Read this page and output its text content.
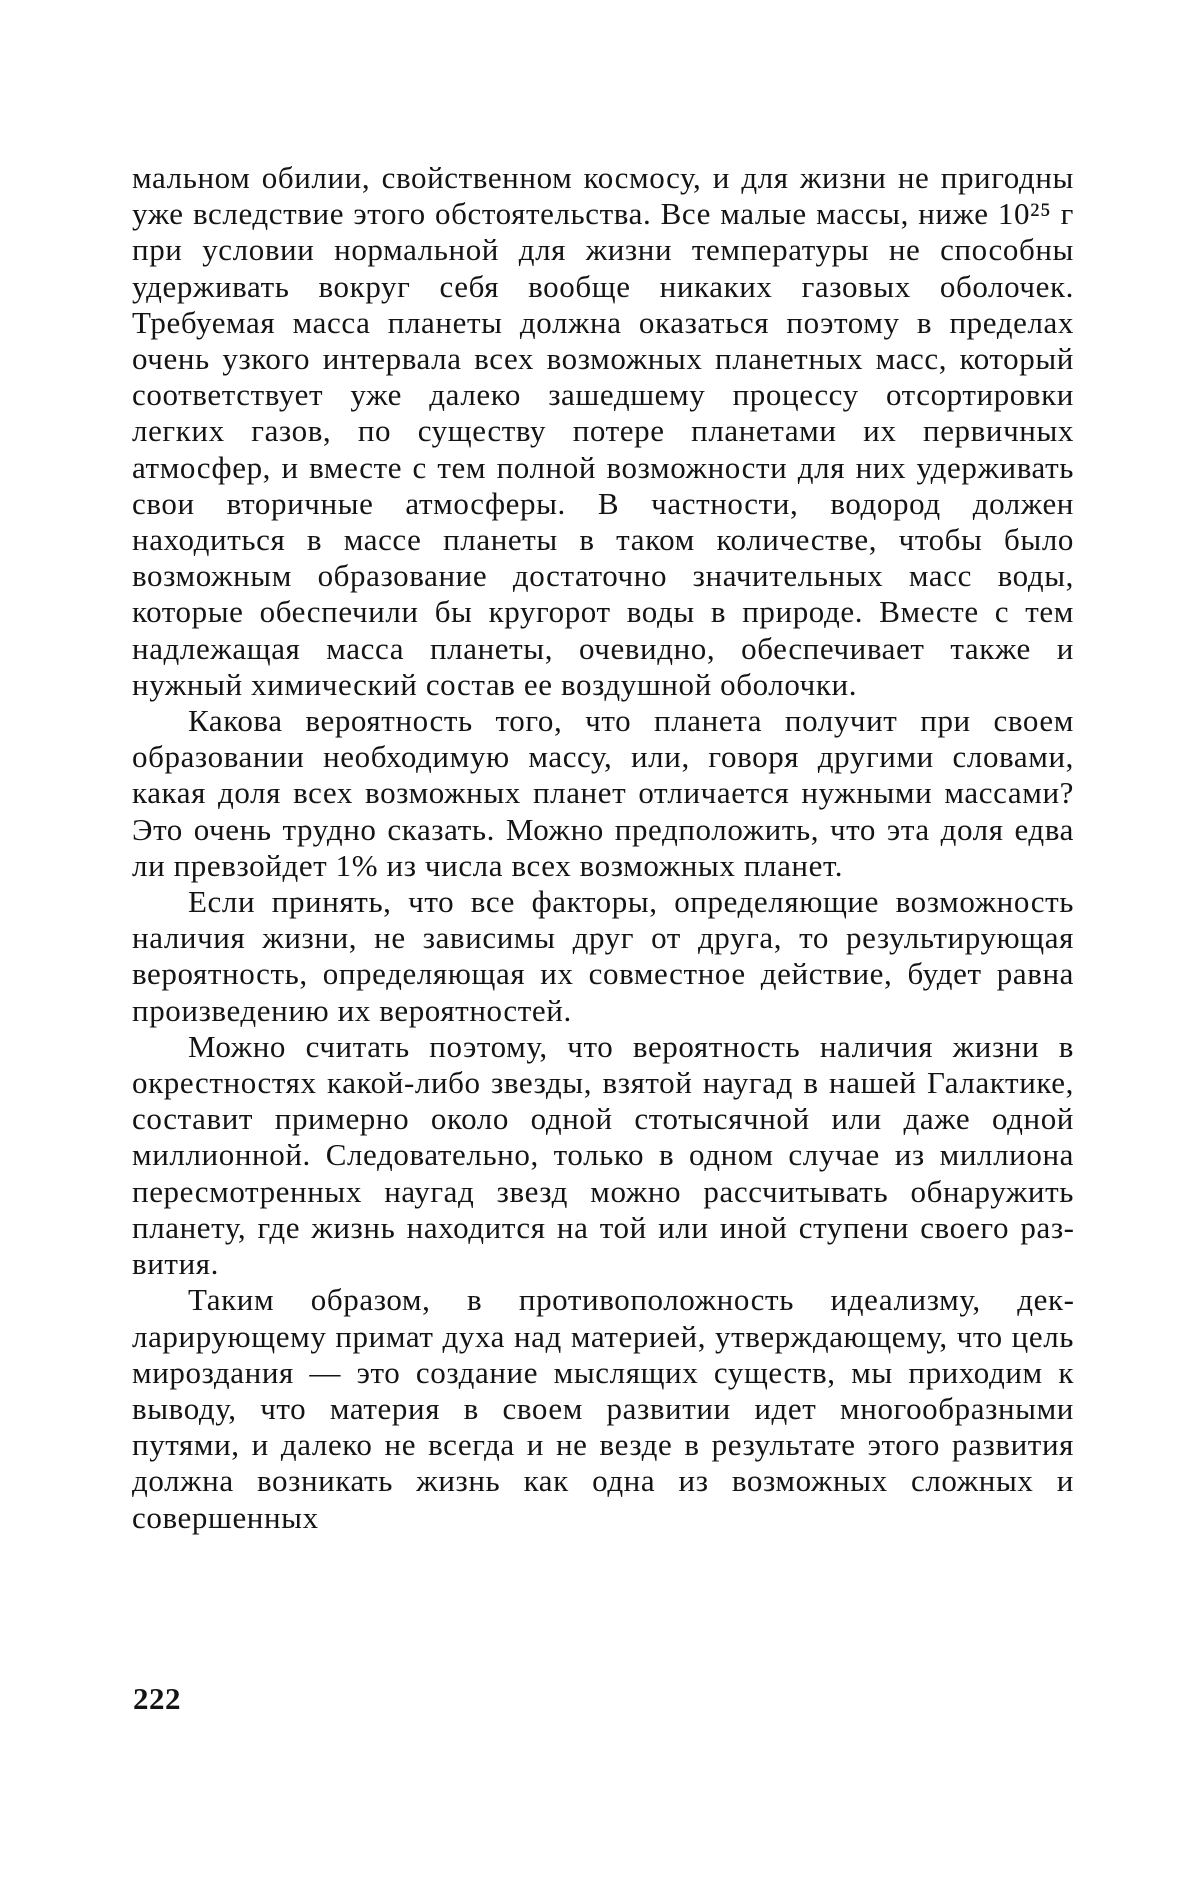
мальном обилии, свойственном космосу, и для жизни не пригодны уже вследствие этого обстоятельства. Все малые массы, ниже 10²⁵ г при условии нормальной для жизни температуры не способны удерживать вокруг себя вообще никаких газовых оболочек. Требуемая масса планеты должна оказаться поэтому в пределах очень узкого интервала всех возможных планетных масс, который соответствует уже далеко зашедшему процессу отсортировки легких газов, по существу потере планетами их первичных атмосфер, и вместе с тем полной возможности для них удерживать свои вторичные атмосферы. В частности, водород должен находиться в массе планеты в таком количестве, чтобы было возможным образование достаточно значительных масс воды, которые обеспечили бы кругорот воды в природе. Вместе с тем надлежащая масса планеты, очевидно, обеспечивает также и нужный химический состав ее воздушной оболочки.

Какова вероятность того, что планета получит при своем образовании необходимую массу, или, говоря другими словами, какая доля всех возможных планет отличается нужными массами? Это очень трудно сказать. Можно предположить, что эта доля едва ли превзойдет 1% из числа всех возможных планет.

Если принять, что все факторы, определяющие возможность наличия жизни, не зависимы друг от друга, то результирующая вероятность, определяющая их совместное действие, будет равна произведению их вероятностей.

Можно считать поэтому, что вероятность наличия жизни в окрестностях какой-либо звезды, взятой наугад в нашей Галактике, составит примерно около одной стотысячной или даже одной миллионной. Следовательно, только в одном случае из миллиона пересмотренных наугад звезд можно рассчитывать обнаружить планету, где жизнь находится на той или иной ступени своего развития.

Таким образом, в противоположность идеализму, декларирующему примат духа над материей, утверждающему, что цель мироздания — это создание мыслящих существ, мы приходим к выводу, что материя в своем развитии идет многообразными путями, и далеко не всегда и не везде в результате этого развития должна возникать жизнь как одна из возможных сложных и совершенных

222
